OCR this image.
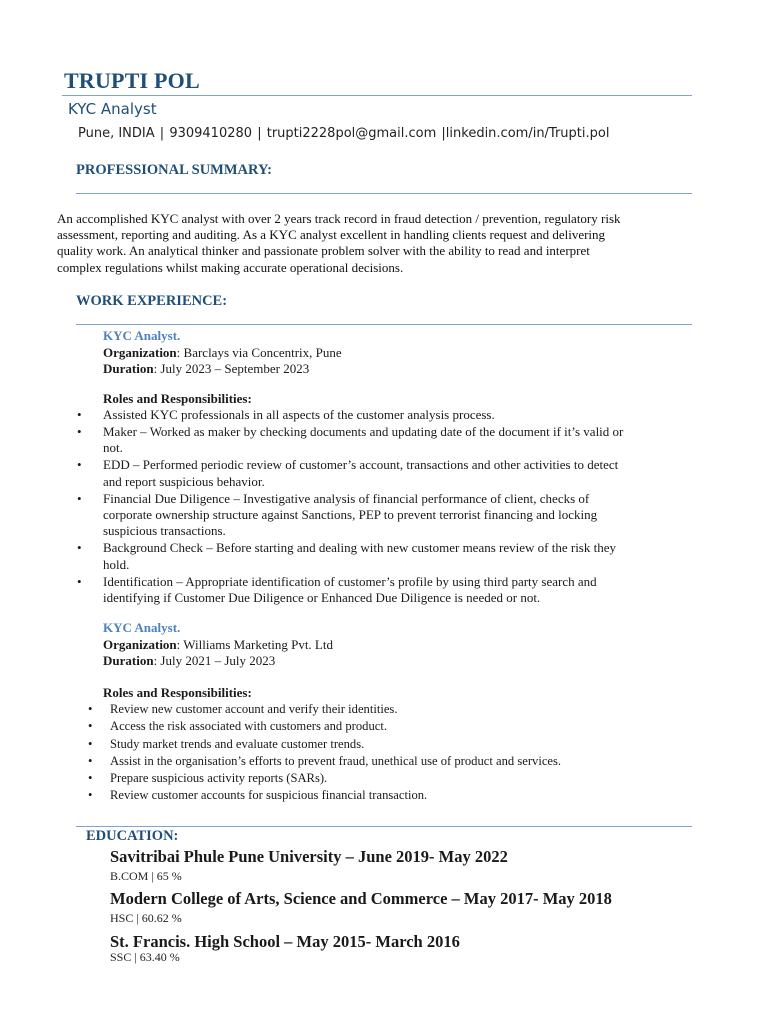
TRUPTI POL
KYC Analyst
Pune, INDIA | 9309410280 | trupti2228pol@gmail.com |linkedin.com/in/Trupti.pol
PROFESSIONAL SUMMARY:
An accomplished KYC analyst with over 2 years track record in fraud detection / prevention, regulatory risk
assessment, reporting and auditing. As a KYC analyst excellent in handling clients request and delivering
quality work. An analytical thinker and passionate problem solver with the ability to read and interpret
complex regulations whilst making accurate operational decisions.
WORK EXPERIENCE:
KYC Analyst.
Organization: Barclays via Concentrix, Pune
Duration: July 2023 – September 2023
Roles and Responsibilities:
• Assisted KYC professionals in all aspects of the customer analysis process.
• Maker – Worked as maker by checking documents and updating date of the document if it’s valid or
not.
• EDD – Performed periodic review of customer’s account, transactions and other activities to detect
and report suspicious behavior.
• Financial Due Diligence – Investigative analysis of financial performance of client, checks of
corporate ownership structure against Sanctions, PEP to prevent terrorist financing and locking
suspicious transactions.
• Background Check – Before starting and dealing with new customer means review of the risk they
hold.
• Identification – Appropriate identification of customer’s profile by using third party search and
identifying if Customer Due Diligence or Enhanced Due Diligence is needed or not.
KYC Analyst.
Organization: Williams Marketing Pvt. Ltd
Duration: July 2021 – July 2023
Roles and Responsibilities:
• Review new customer account and verify their identities.
• Access the risk associated with customers and product.
• Study market trends and evaluate customer trends.
• Assist in the organisation’s efforts to prevent fraud, unethical use of product and services.
• Prepare suspicious activity reports (SARs).
• Review customer accounts for suspicious financial transaction.
EDUCATION:
Savitribai Phule Pune University – June 2019- May 2022
B.COM | 65 %
Modern College of Arts, Science and Commerce – May 2017- May 2018
HSC | 60.62 %
St. Francis. High School – May 2015- March 2016
SSC | 63.40 %
